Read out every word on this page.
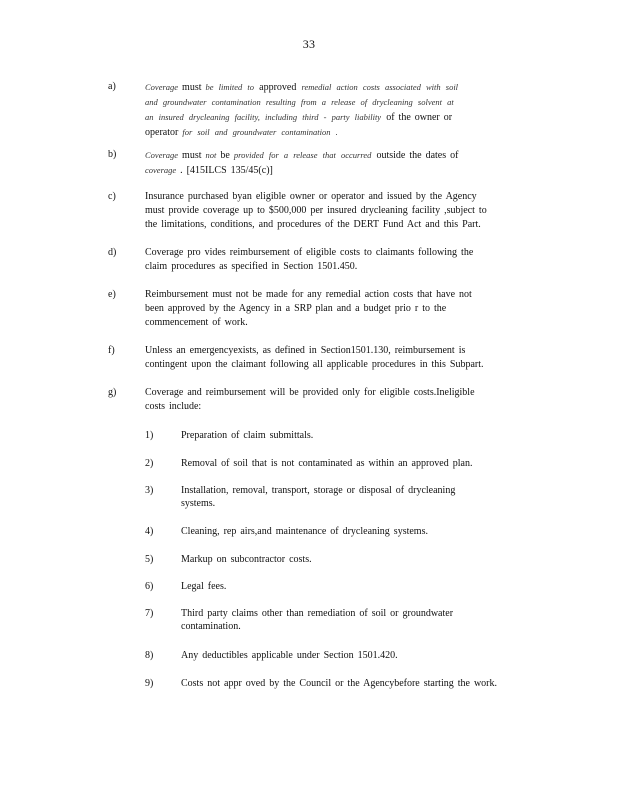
33
a)	Coverage must be limited to approved remedial action costs associated with soil

and groundwater contamination resulting from a release of drycleaning solvent at

an insured drycleaning facility, including third - party liability of the owner or

operator for soil and groundwater contamination .

b)	Coverage must not be provided for a release that occurred outside the dates of

coverage . [415ILCS 135/45(c)]

c)	Insurance purchased byan eligible owner or operator and issued by the Agency

must provide coverage up to $500,000 per insured drycleaning facility ,subject to

the limitations, conditions, and procedures of the DERT Fund Act and this Part.

d)	Coverage pro vides reimbursement of eligible costs to claimants following the

claim procedures as specified in Section 1501.450.

e)	Reimbursement must not be made for any remedial action costs that have not

been approved by the Agency in a SRP plan and a budget prio r to the

commencement of work.

f)	Unless an emergencyexists, as defined in Section1501.130, reimbursement is

contingent upon the claimant following all applicable procedures in this Subpart.

g)	Coverage and reimbursement will be provided only for eligible costs.Ineligible

costs include:

1)	Preparation of claim submittals.
2)	Removal of soil that is not contaminated as within an approved plan.
3)	Installation, removal, transport, storage or disposal of drycleaning
systems.
4)	Cleaning, rep airs,and maintenance of drycleaning systems.
5)	Markup on subcontractor costs.
6)	Legal fees.
7)	Third party claims other than remediation of soil or groundwater
contamination.
8)	Any deductibles applicable under Section 1501.420.
9)	Costs not appr oved by the Council or the Agencybefore starting the work.
